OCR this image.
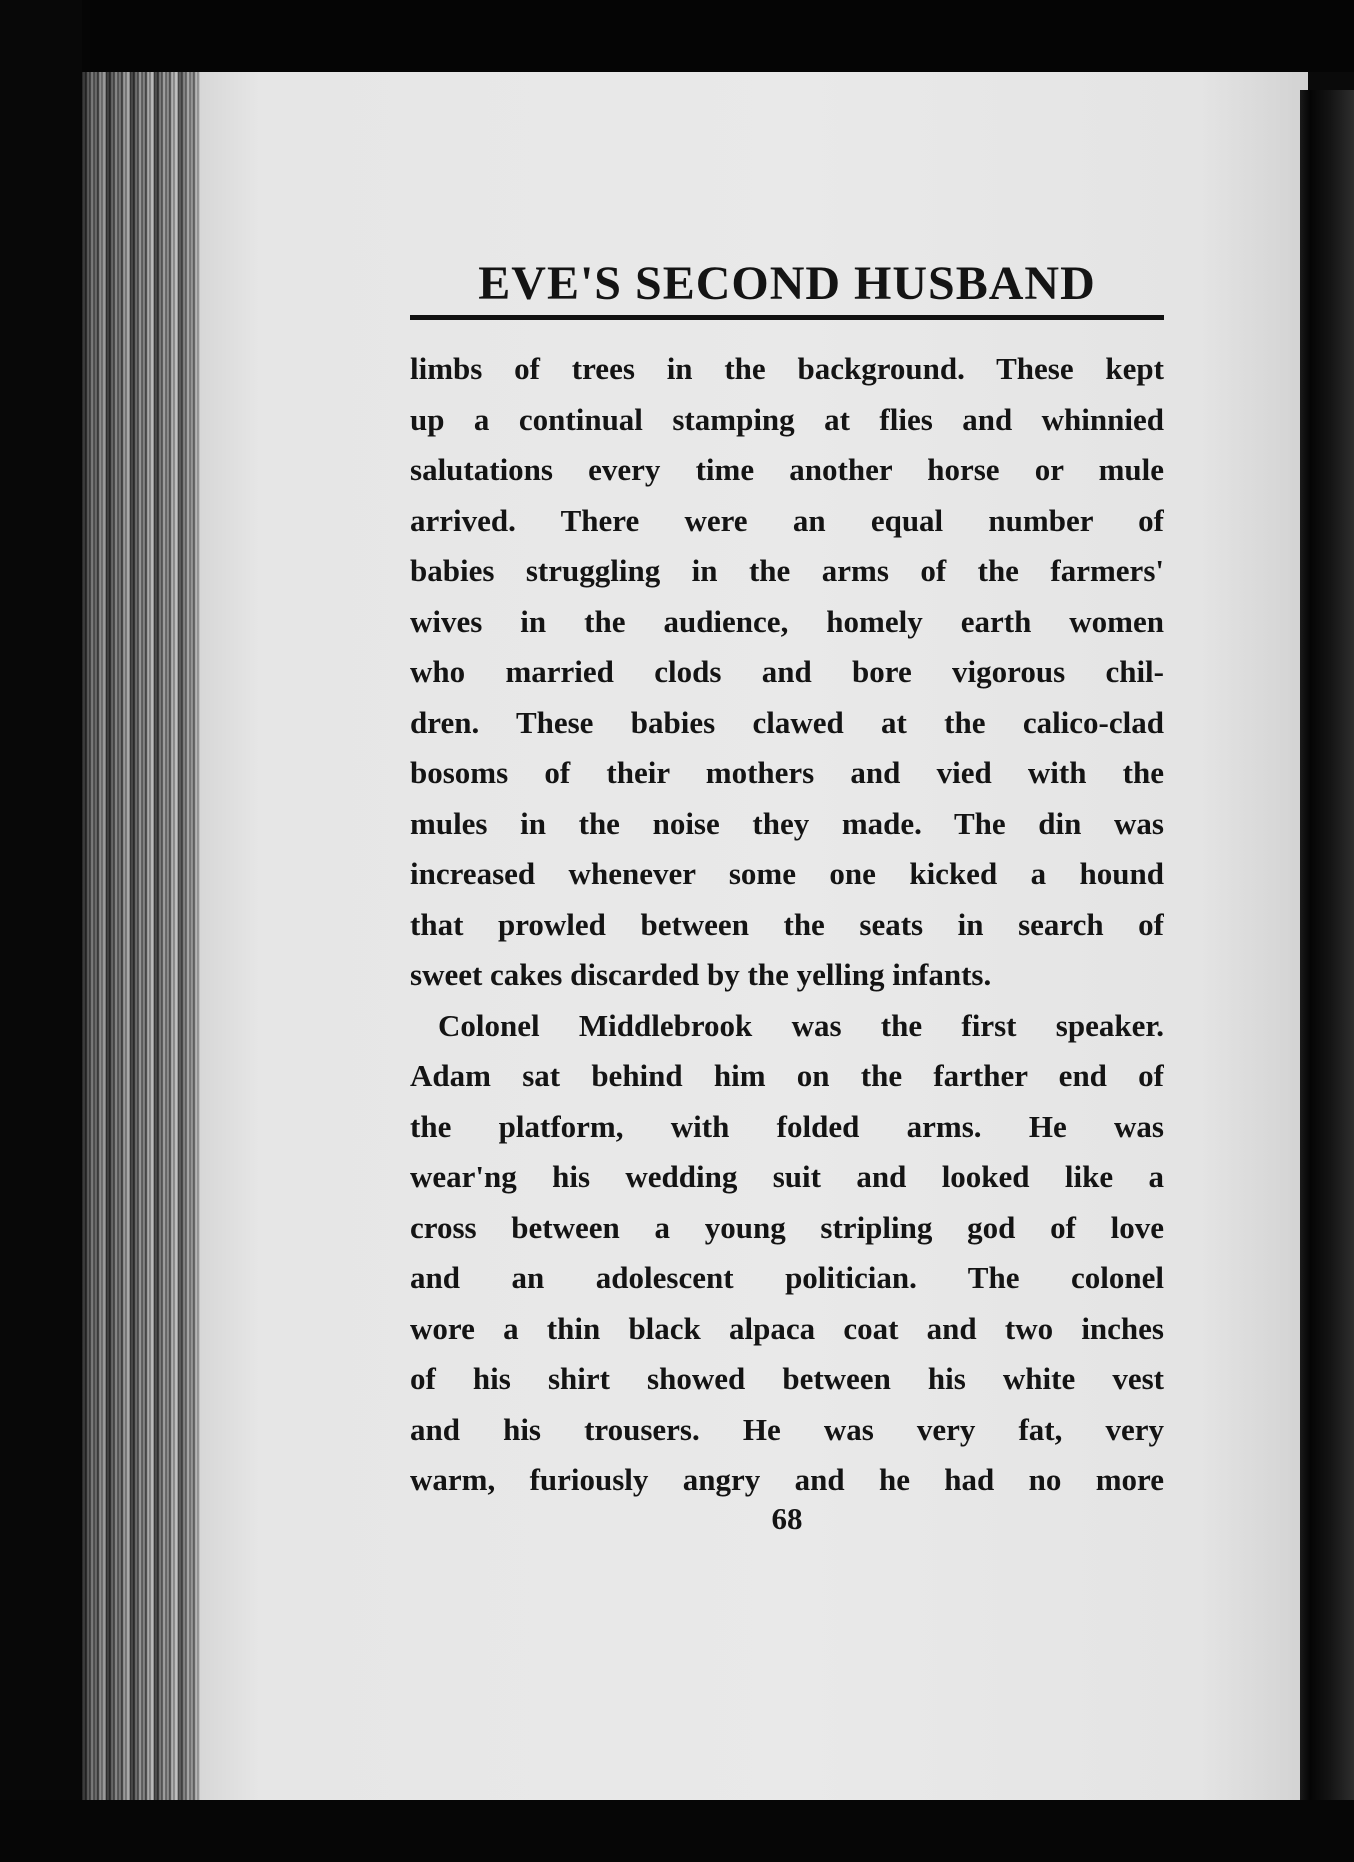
EVE'S SECOND HUSBAND
limbs of trees in the background. These kept
up a continual stamping at flies and whinnied
salutations every time another horse or mule
arrived. There were an equal number of
babies struggling in the arms of the farmers'
wives in the audience, homely earth women
who married clods and bore vigorous chil-
dren. These babies clawed at the calico-clad
bosoms of their mothers and vied with the
mules in the noise they made. The din was
increased whenever some one kicked a hound
that prowled between the seats in search of
sweet cakes discarded by the yelling infants.
Colonel Middlebrook was the first speaker.
Adam sat behind him on the farther end of
the platform, with folded arms. He was
wear'ng his wedding suit and looked like a
cross between a young stripling god of love
and an adolescent politician. The colonel
wore a thin black alpaca coat and two inches
of his shirt showed between his white vest
and his trousers. He was very fat, very
warm, furiously angry and he had no more
68
